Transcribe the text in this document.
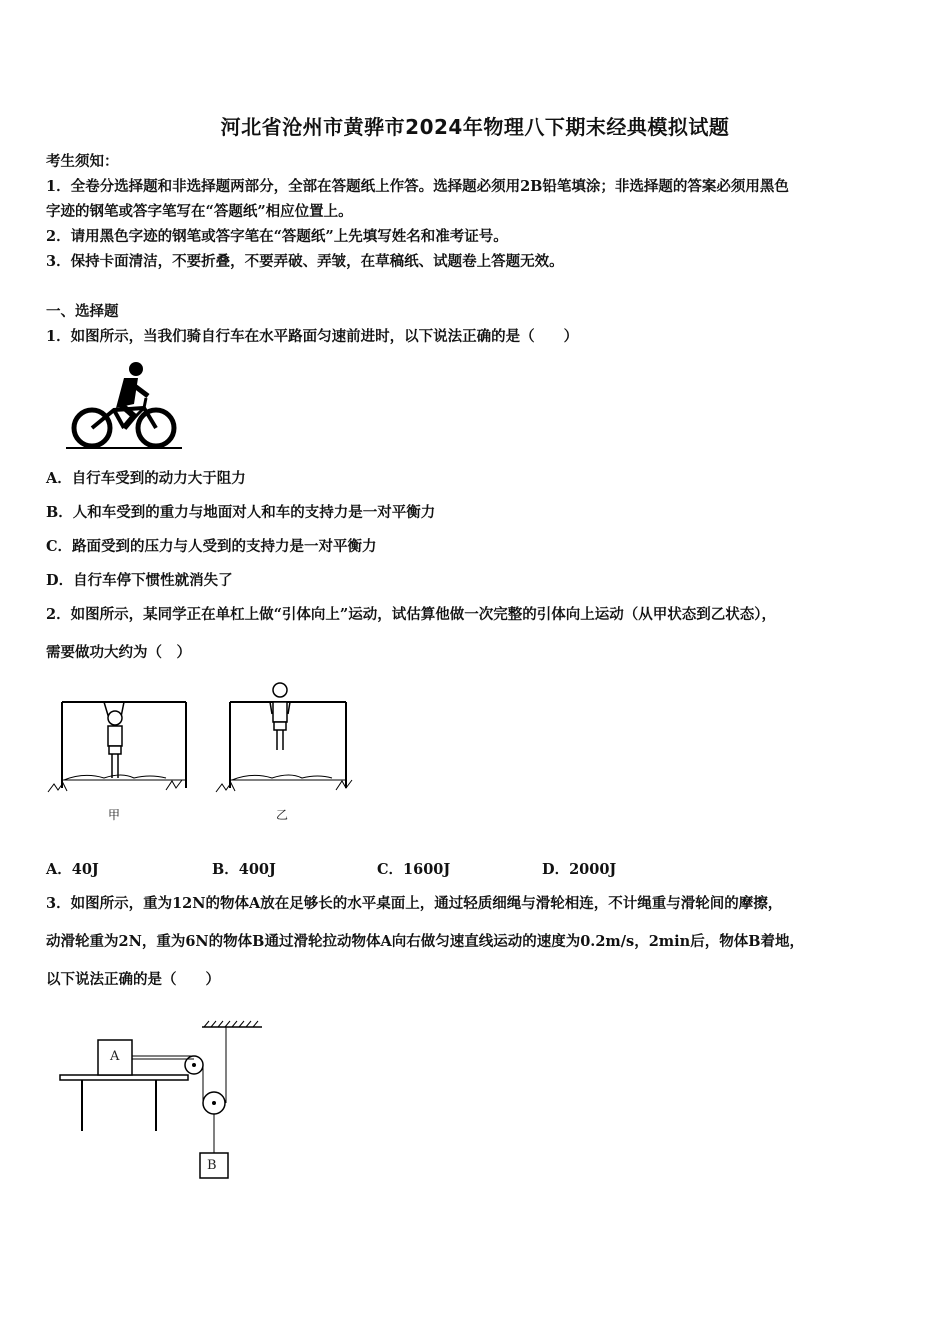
河北省沧州市黄骅市2024年物理八下期末经典模拟试题
考生须知：
1．全卷分选择题和非选择题两部分，全部在答题纸上作答。选择题必须用2B铅笔填涂；非选择题的答案必须用黑色
字迹的钢笔或答字笔写在“答题纸”相应位置上。
2．请用黑色字迹的钢笔或答字笔在“答题纸”上先填写姓名和准考证号。
3．保持卡面清洁，不要折叠，不要弄破、弄皱，在草稿纸、试题卷上答题无效。
一、选择题
1．如图所示，当我们骑自行车在水平路面匀速前进时，以下说法正确的是（　　）
A．自行车受到的动力大于阻力
B．人和车受到的重力与地面对人和车的支持力是一对平衡力
C．路面受到的压力与人受到的支持力是一对平衡力
D．自行车停下惯性就消失了
2．如图所示，某同学正在单杠上做“引体向上”运动，试估算他做一次完整的引体向上运动（从甲状态到乙状态），
需要做功大约为（　）
甲	乙
A．40J	B．400J	C．1600J	D．2000J
3．如图所示，重为12N的物体A放在足够长的水平桌面上，通过轻质细绳与滑轮相连，不计绳重与滑轮间的摩擦，
动滑轮重为2N，重为6N的物体B通过滑轮拉动物体A向右做匀速直线运动的速度为0.2m/s，2min后，物体B着地，
以下说法正确的是（　　）
A
B
